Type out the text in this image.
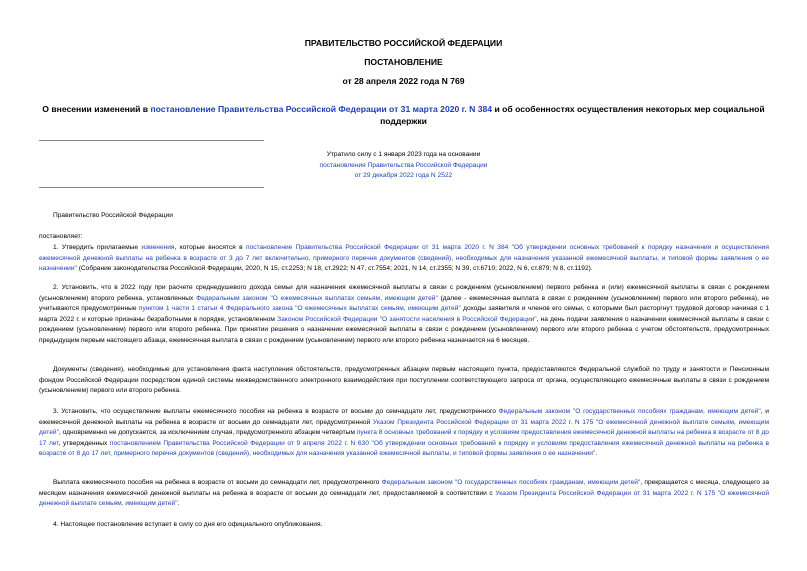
ПРАВИТЕЛЬСТВО РОССИЙСКОЙ ФЕДЕРАЦИИ
ПОСТАНОВЛЕНИЕ
от 28 апреля 2022 года N 769
О внесении изменений в постановление Правительства Российской Федерации от 31 марта 2020 г. N 384 и об особенностях осуществления некоторых мер социальной поддержки
Утратило силу с 1 января 2023 года на основании
постановления Правительства Российской Федерации
от 29 декабря 2022 года N 2522
Правительство Российской Федерации
постановляет:
1. Утвердить прилагаемые изменения, которые вносятся в постановление Правительства Российской Федерации от 31 марта 2020 г. N 384 "Об утверждении основных требований к порядку назначения и осуществления ежемесячной денежной выплаты на ребенка в возрасте от 3 до 7 лет включительно, примерного перечня документов (сведений), необходимых для назначения указанной ежемесячной выплаты, и типовой формы заявления о ее назначении" (Собрание законодательства Российской Федерации, 2020, N 15, ст.2253; N 18, ст.2922; N 47, ст.7554; 2021, N 14, ст.2355; N 39, ст.6710; 2022, N 6, ст.879; N 8, ст.1192).
2. Установить, что в 2022 году при расчете среднедушевого дохода семьи для назначения ежемесячной выплаты в связи с рождением (усыновлением) первого ребенка и (или) ежемесячной выплаты в связи с рождением (усыновлением) второго ребенка, установленных Федеральным законом "О ежемесячных выплатах семьям, имеющим детей" (далее - ежемесячная выплата в связи с рождением (усыновлением) первого или второго ребенка), не учитываются предусмотренные пунктом 1 части 1 статьи 4 Федерального закона "О ежемесячных выплатах семьям, имеющим детей" доходы заявителя и членов его семьи, с которыми был расторгнут трудовой договор начиная с 1 марта 2022 г. и которые признаны безработными в порядке, установленном Законом Российской Федерации "О занятости населения в Российской Федерации", на день подачи заявления о назначении ежемесячной выплаты в связи с рождением (усыновлением) первого или второго ребенка. При принятии решения о назначении ежемесячной выплаты в связи с рождением (усыновлением) первого или второго ребенка с учетом обстоятельств, предусмотренных предыдущим первым настоящего абзаца, ежемесячная выплата в связи с рождением (усыновлением) первого или второго ребенка назначается на 6 месяцев.
Документы (сведения), необходимые для установления факта наступления обстоятельств, предусмотренных абзацем первым настоящего пункта, предоставляются Федеральной службой по труду и занятости и Пенсионным фондом Российской Федерации посредством единой системы межведомственного электронного взаимодействия при поступлении соответствующего запроса от органа, осуществляющего ежемесячные выплаты в связи с рождением (усыновлением) первого или второго ребенка.
3. Установить, что осуществление выплаты ежемесячного пособия на ребенка в возрасте от восьми до семнадцати лет, предусмотренного Федеральным законом "О государственных пособиях гражданам, имеющим детей", и ежемесячной денежной выплаты на ребенка в возрасте от восьми до семнадцати лет, предусмотренной Указом Президента Российской Федерации от 31 марта 2022 г. N 175 "О ежемесячной денежной выплате семьям, имеющим детей", одновременно не допускается, за исключением случая, предусмотренного абзацем четвертым пункта 8 основных требований к порядку и условиям предоставления ежемесячной денежной выплаты на ребенка в возрасте от 8 до 17 лет, утвержденных постановлением Правительства Российской Федерации от 9 апреля 2022 г. N 630 "Об утверждении основных требований к порядку и условиям предоставления ежемесячной денежной выплаты на ребенка в возрасте от 8 до 17 лет, примерного перечня документов (сведений), необходимых для назначения указанной ежемесячной выплаты, и типовой формы заявления о ее назначении".
Выплата ежемесячного пособия на ребенка в возрасте от восьми до семнадцати лет, предусмотренного Федеральным законом "О государственных пособиях гражданам, имеющим детей", прекращается с месяца, следующего за месяцем назначения ежемесячной денежной выплаты на ребенка в возрасте от восьми до семнадцати лет, предоставляемой в соответствии с Указом Президента Российской Федерации от 31 марта 2022 г. N 175 "О ежемесячной денежной выплате семьям, имеющим детей".
4. Настоящее постановление вступает в силу со дня его официального опубликования.
